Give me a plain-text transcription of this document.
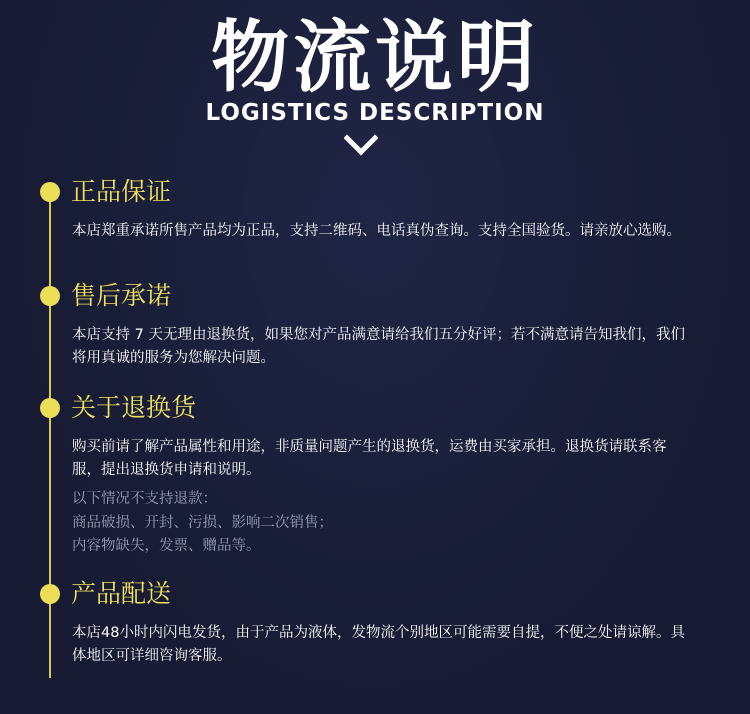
物流说明
LOGISTICS DESCRIPTION
正品保证
本店郑重承诺所售产品均为正品，支持二维码、电话真伪查询。支持全国验货。请亲放心选购。
售后承诺
本店支持 7 天无理由退换货，如果您对产品满意请给我们五分好评；若不满意请告知我们，我们将用真诚的服务为您解决问题。
关于退换货
购买前请了解产品属性和用途，非质量问题产生的退换货，运费由买家承担。退换货请联系客服，提出退换货申请和说明。
以下情况不支持退款：
商品破损、开封、污损、影响二次销售；
内容物缺失，发票、赠品等。
产品配送
本店48小时内闪电发货，由于产品为液体，发物流个别地区可能需要自提，不便之处请谅解。具体地区可详细咨询客服。
